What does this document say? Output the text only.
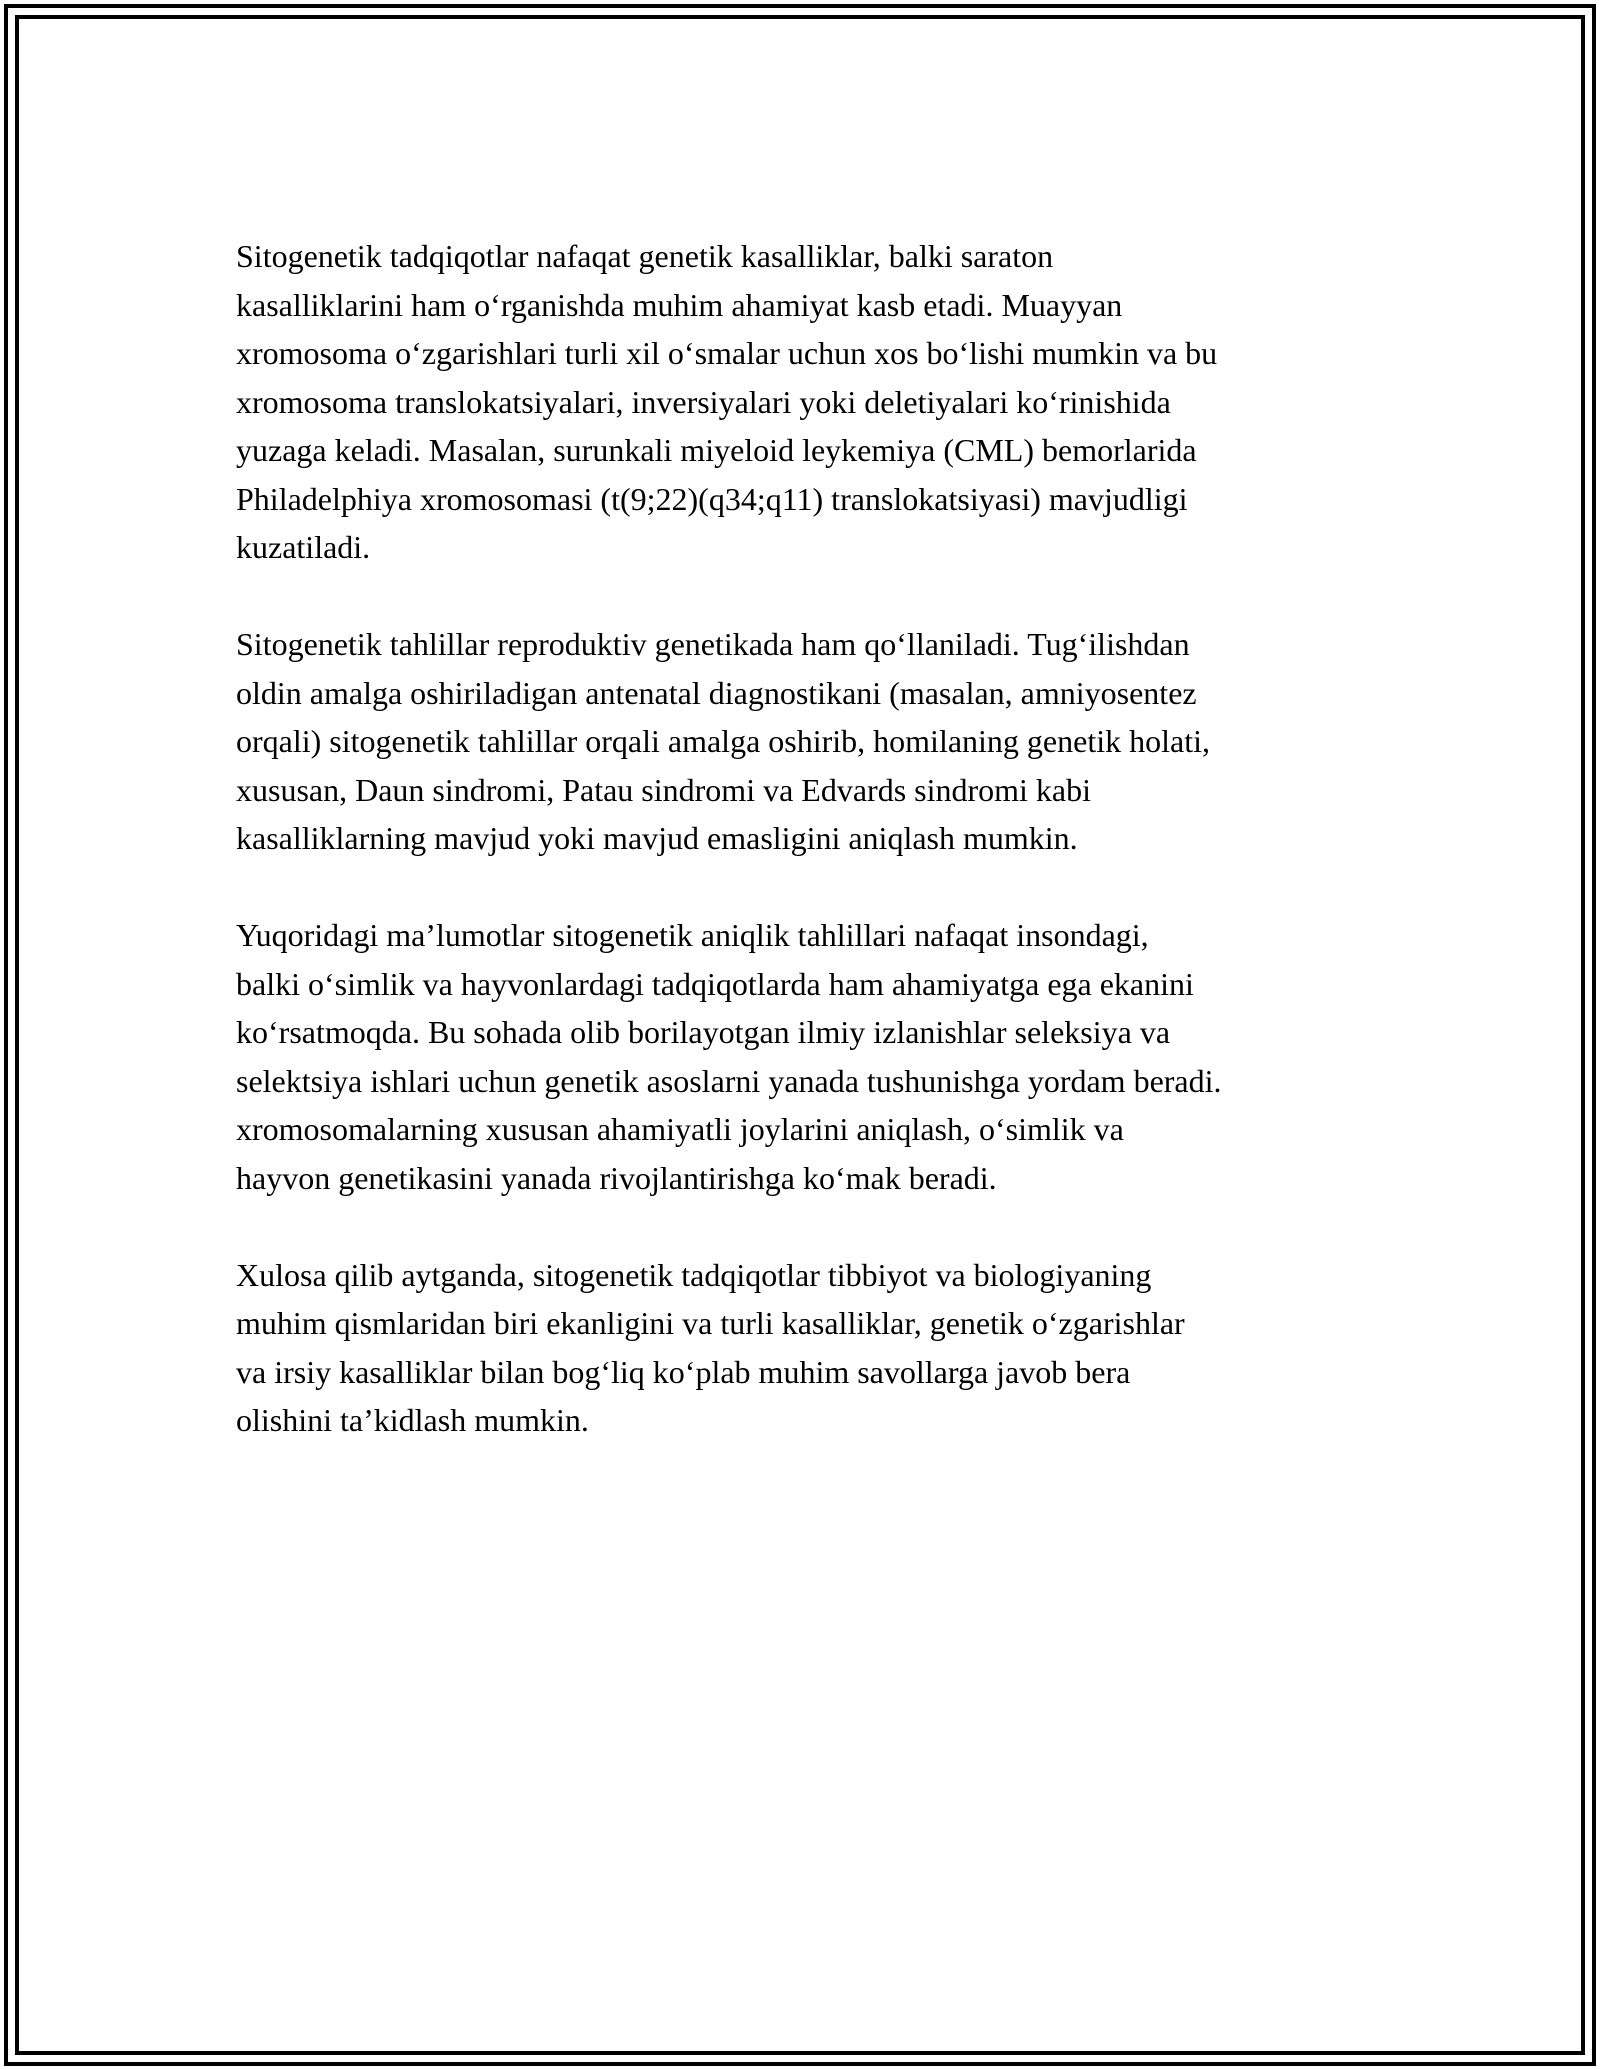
Sitogenetik tadqiqotlar nafaqat genetik kasalliklar, balki saraton
kasalliklarini ham o‘rganishda muhim ahamiyat kasb etadi. Muayyan
xromosoma o‘zgarishlari turli xil o‘smalar uchun xos bo‘lishi mumkin va bu
xromosoma translokatsiyalari, inversiyalari yoki deletiyalari ko‘rinishida
yuzaga keladi. Masalan, surunkali miyeloid leykemiya (CML) bemorlarida
Philadelphiya xromosomasi (t(9;22)(q34;q11) translokatsiyasi) mavjudligi
kuzatiladi.

Sitogenetik tahlillar reproduktiv genetikada ham qo‘llaniladi. Tug‘ilishdan
oldin amalga oshiriladigan antenatal diagnostikani (masalan, amniyosentez
orqali) sitogenetik tahlillar orqali amalga oshirib, homilaning genetik holati,
xususan, Daun sindromi, Patau sindromi va Edvards sindromi kabi
kasalliklarning mavjud yoki mavjud emasligini aniqlash mumkin.

Yuqoridagi ma’lumotlar sitogenetik aniqlik tahlillari nafaqat insondagi,
balki o‘simlik va hayvonlardagi tadqiqotlarda ham ahamiyatga ega ekanini
ko‘rsatmoqda. Bu sohada olib borilayotgan ilmiy izlanishlar seleksiya va
selektsiya ishlari uchun genetik asoslarni yanada tushunishga yordam beradi.
xromosomalarning xususan ahamiyatli joylarini aniqlash, o‘simlik va
hayvon genetikasini yanada rivojlantirishga ko‘mak beradi.

Xulosa qilib aytganda, sitogenetik tadqiqotlar tibbiyot va biologiyaning
muhim qismlaridan biri ekanligini va turli kasalliklar, genetik o‘zgarishlar
va irsiy kasalliklar bilan bog‘liq ko‘plab muhim savollarga javob bera
olishini ta’kidlash mumkin.
